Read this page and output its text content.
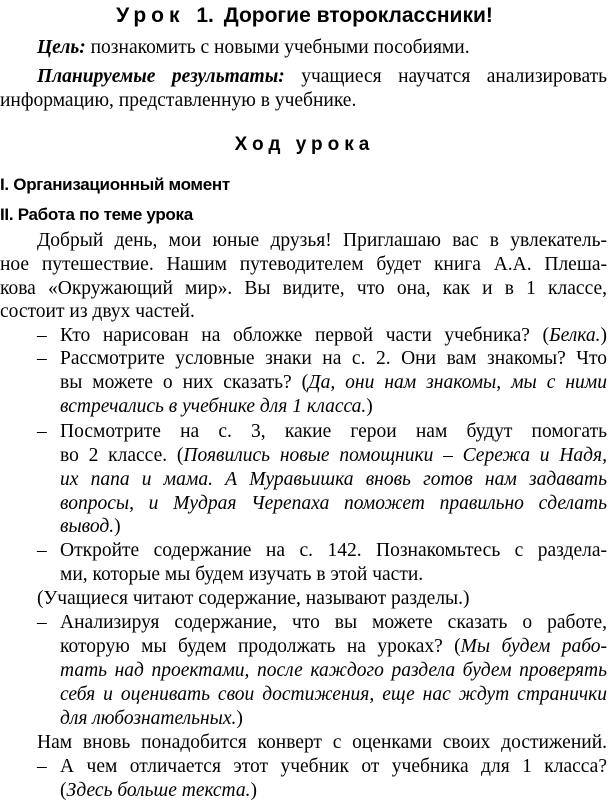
Урок 1. Дорогие второклассники!
Цель: познакомить с новыми учебными пособиями.
Планируемые результаты: учащиеся научатся анализировать
информацию, представленную в учебнике.
Ход урока
I. Организационный момент
II. Работа по теме урока
Добрый день, мои юные друзья! Приглашаю вас в увлекатель-
ное путешествие. Нашим путеводителем будет книга А.А. Плеша-
кова «Окружающий мир». Вы видите, что она, как и в 1 классе,
состоит из двух частей.
– Кто нарисован на обложке первой части учебника? (Белка.)
– Рассмотрите условные знаки на с. 2. Они вам знакомы? Что
вы можете о них сказать? (Да, они нам знакомы, мы с ними
встречались в учебнике для 1 класса.)
– Посмотрите на с. 3, какие герои нам будут помогать
во 2 классе. (Появились новые помощники – Сережа и Надя,
их папа и мама. А Муравьишка вновь готов нам задавать
вопросы, и Мудрая Черепаха поможет правильно сделать
вывод.)
– Откройте содержание на с. 142. Познакомьтесь с раздела-
ми, которые мы будем изучать в этой части.
(Учащиеся читают содержание, называют разделы.)
– Анализируя содержание, что вы можете сказать о работе,
которую мы будем продолжать на уроках? (Мы будем рабо-
тать над проектами, после каждого раздела будем проверять
себя и оценивать свои достижения, еще нас ждут странички
для любознательных.)
Нам вновь понадобится конверт с оценками своих достижений.
– А чем отличается этот учебник от учебника для 1 класса?
(Здесь больше текста.)
